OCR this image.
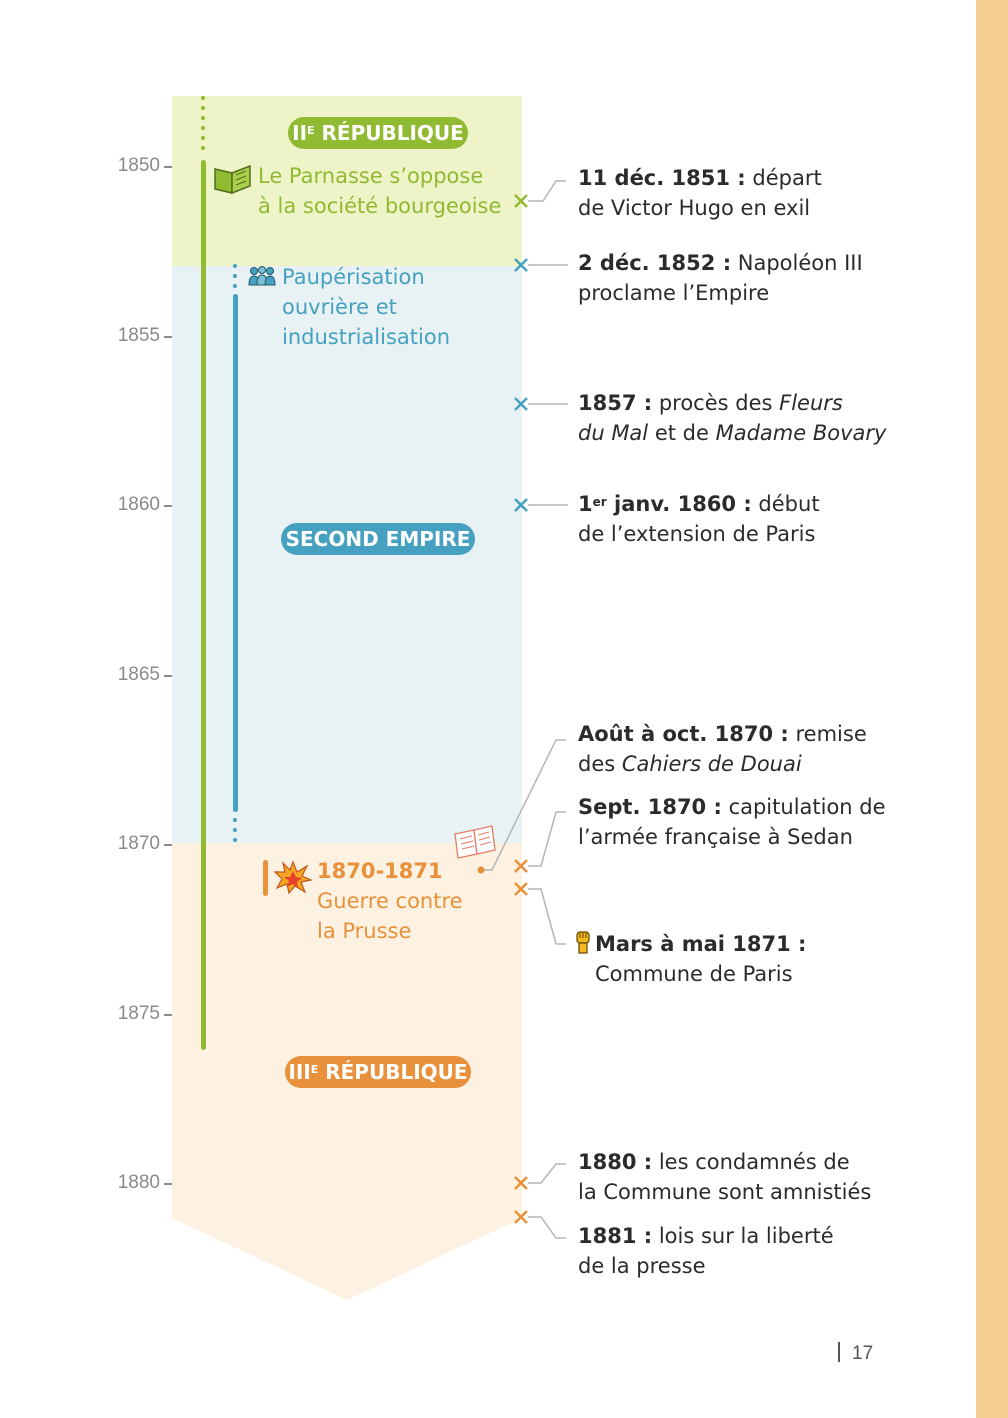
1850
1855
1860
1865
1870
1875
1880
$II^E$ RÉPUBLIQUE
SECOND EMPIRE
$III^E$ RÉPUBLIQUE
Le Parnasse s’oppose
à la société bourgeoise
Paupérisation
ouvrière et
industrialisation
1870-1871
Guerre contre
la Prusse
11 déc. 1851 : départ
de Victor Hugo en exil
2 déc. 1852 : Napoléon III
proclame l’Empire
1857 : procès des Fleurs
du Mal et de Madame Bovary
1er janv. 1860 : début
de l’extension de Paris
Août à oct. 1870 : remise
des Cahiers de Douai
Sept. 1870 : capitulation de
l’armée française à Sedan
Mars à mai 1871 :
Commune de Paris
1880 : les condamnés de
la Commune sont amnistiés
1881 : lois sur la liberté
de la presse
17
